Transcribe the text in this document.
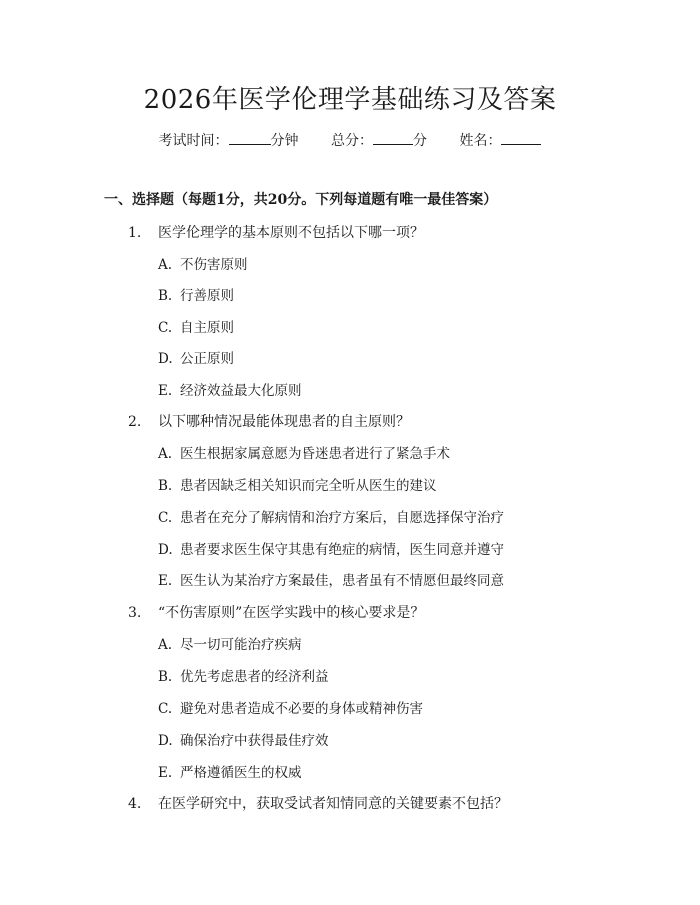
2026年医学伦理学基础练习及答案
考试时间：	分钟 总分：	分 姓名：
一、选择题（每题1分，共20分。下列每道题有唯一最佳答案）
1. 医学伦理学的基本原则不包括以下哪一项？
A. 不伤害原则
B. 行善原则
C. 自主原则
D. 公正原则
E. 经济效益最大化原则
2. 以下哪种情况最能体现患者的自主原则？
A. 医生根据家属意愿为昏迷患者进行了紧急手术
B. 患者因缺乏相关知识而完全听从医生的建议
C. 患者在充分了解病情和治疗方案后，自愿选择保守治疗
D. 患者要求医生保守其患有绝症的病情，医生同意并遵守
E. 医生认为某治疗方案最佳，患者虽有不情愿但最终同意
3. “不伤害原则”在医学实践中的核心要求是？
A. 尽一切可能治疗疾病
B. 优先考虑患者的经济利益
C. 避免对患者造成不必要的身体或精神伤害
D. 确保治疗中获得最佳疗效
E. 严格遵循医生的权威
4. 在医学研究中，获取受试者知情同意的关键要素不包括？
